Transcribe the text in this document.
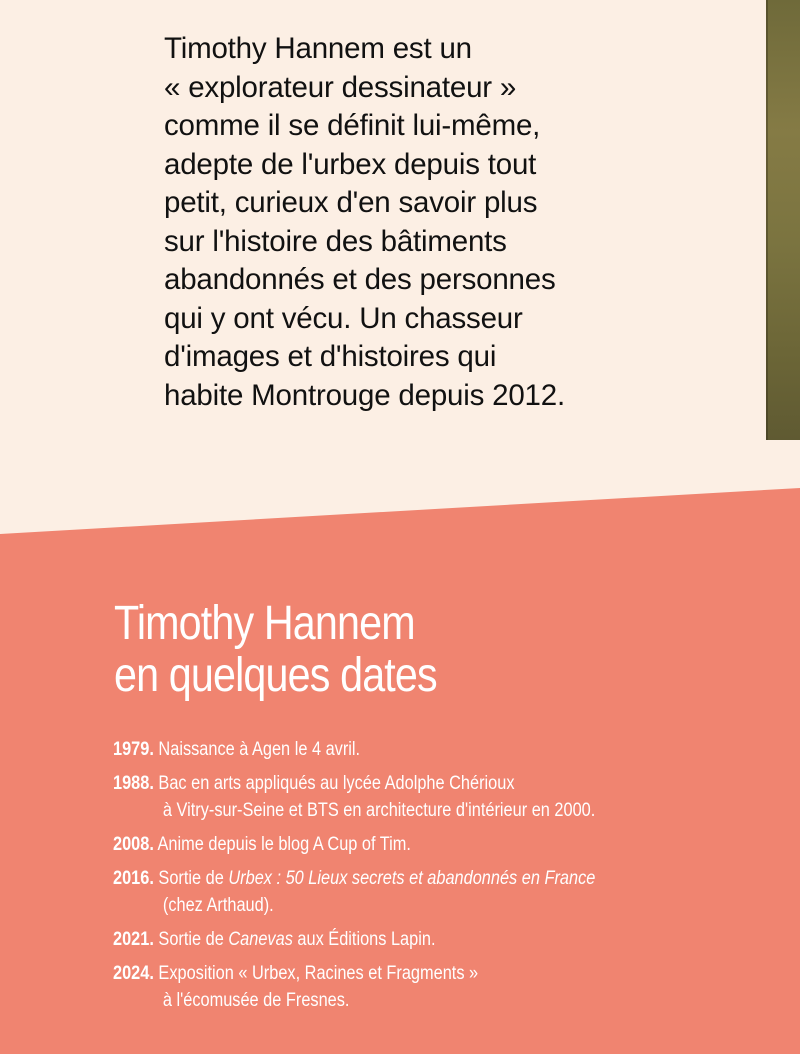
Timothy Hannem est un
« explorateur dessinateur »
comme il se définit lui-même,
adepte de l'urbex depuis tout
petit, curieux d'en savoir plus
sur l'histoire des bâtiments
abandonnés et des personnes
qui y ont vécu. Un chasseur
d'images et d'histoires qui
habite Montrouge depuis 2012.
Timothy Hannem
en quelques dates
1979. Naissance à Agen le 4 avril.
1988. Bac en arts appliqués au lycée Adolphe Chérioux
à Vitry-sur-Seine et BTS en architecture d'intérieur en 2000.
2008. Anime depuis le blog A Cup of Tim.
2016. Sortie de Urbex : 50 Lieux secrets et abandonnés en France
(chez Arthaud).
2021. Sortie de Canevas aux Éditions Lapin.
2024. Exposition « Urbex, Racines et Fragments »
à l'écomusée de Fresnes.
